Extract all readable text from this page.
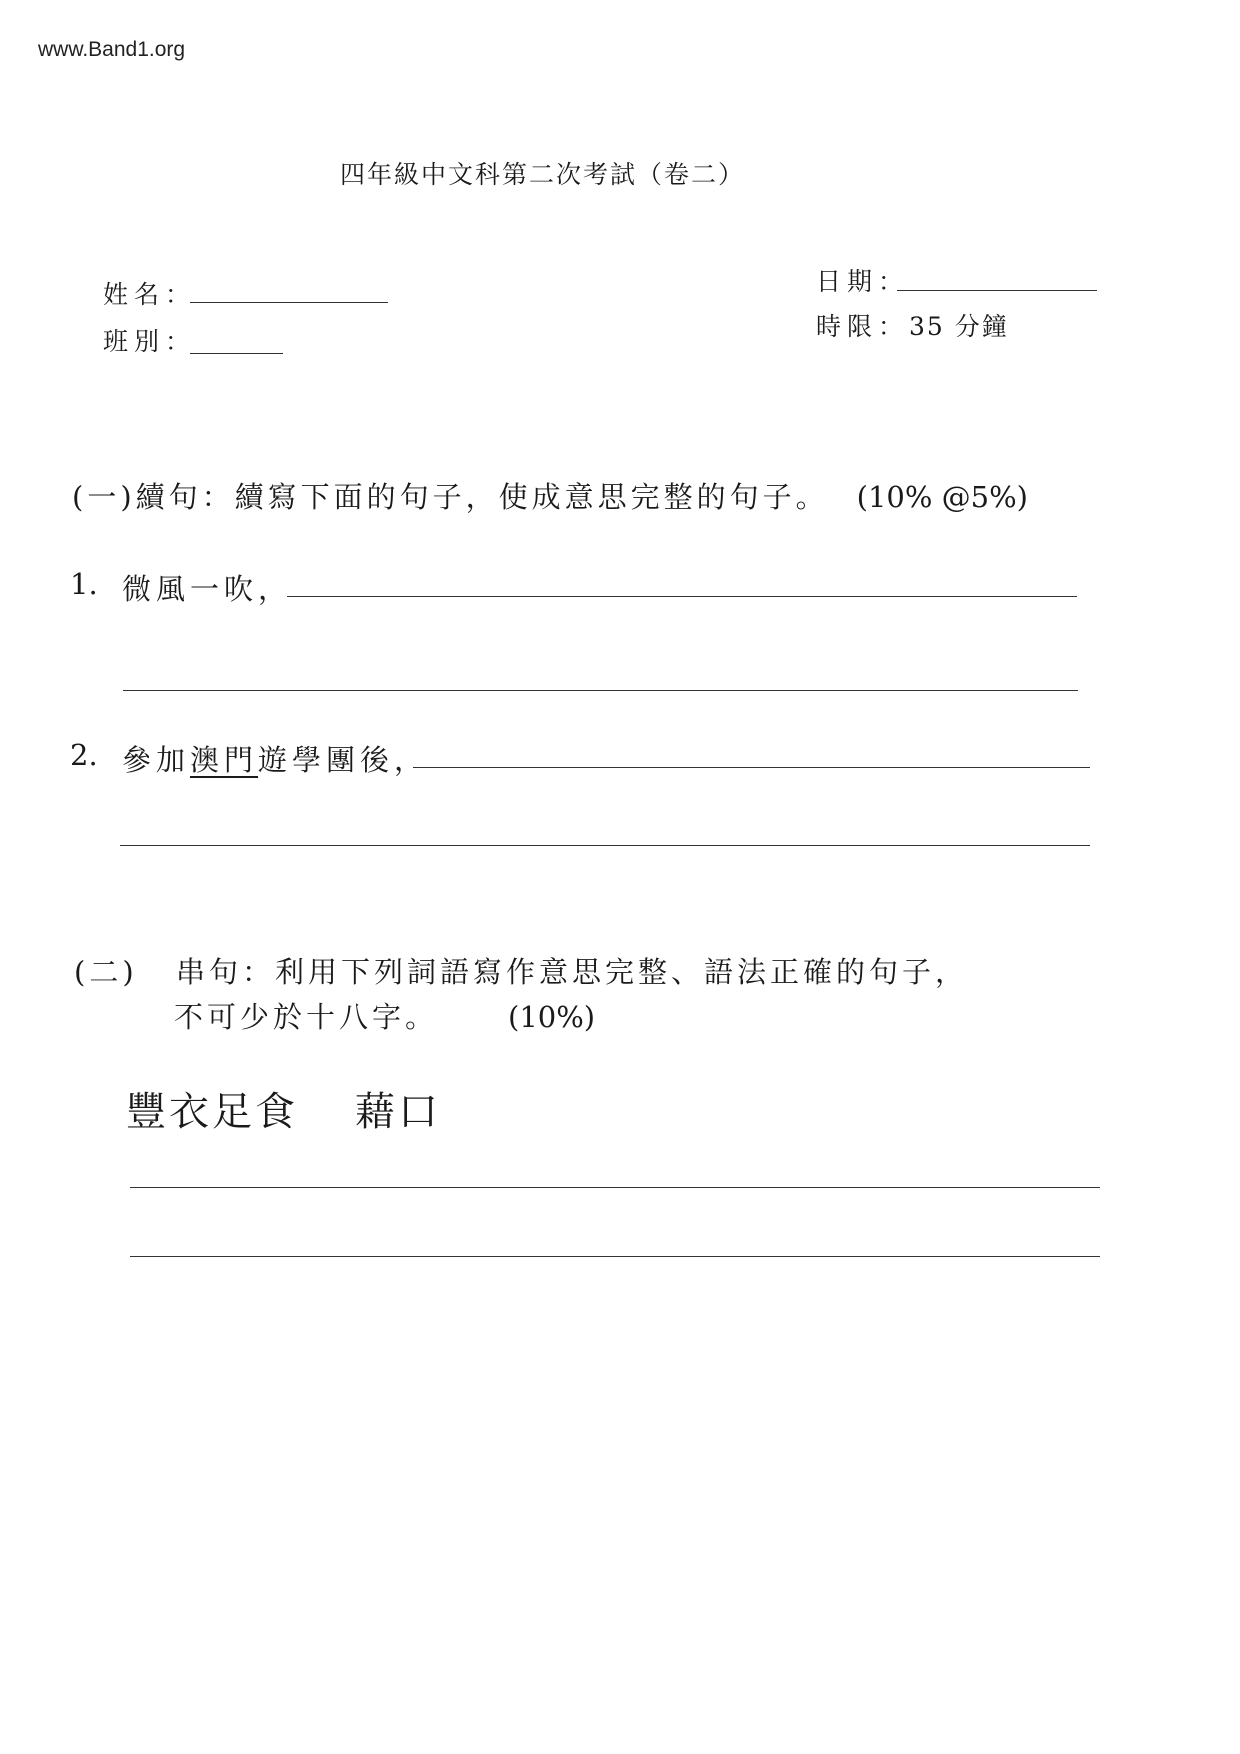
www.Band1.org
四年級中文科第二次考試（卷二）
姓名：
班別：
日期：
時限：35 分鐘
(一)續句：續寫下面的句子，使成意思完整的句子。 (10% @5%)
1. 微風一吹，
2. 參加澳門遊學團後，
(二) 串句：利用下列詞語寫作意思完整、語法正確的句子，
不可少於十八字。 (10%)
豐衣足食 藉口
